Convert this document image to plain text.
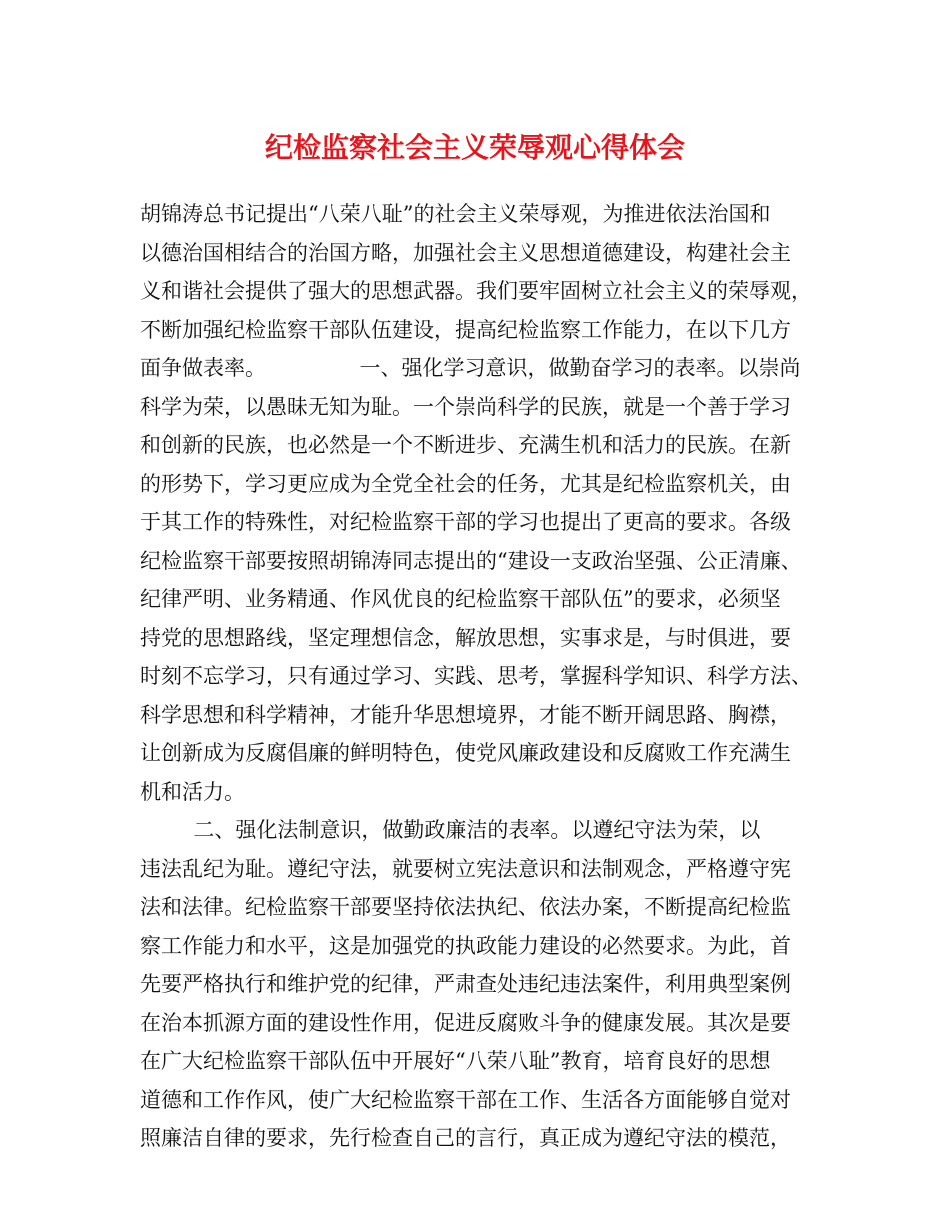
纪检监察社会主义荣辱观心得体会

胡锦涛总书记提出“八荣八耻”的社会主义荣辱观，为推进依法治国和

以德治国相结合的治国方略，加强社会主义思想道德建设，构建社会主

义和谐社会提供了强大的思想武器。我们要牢固树立社会主义的荣辱观，

不断加强纪检监察干部队伍建设，提高纪检监察工作能力，在以下几方

面争做表率。              一、强化学习意识，做勤奋学习的表率。以崇尚

科学为荣，以愚昧无知为耻。一个崇尚科学的民族，就是一个善于学习

和创新的民族，也必然是一个不断进步、充满生机和活力的民族。在新

的形势下，学习更应成为全党全社会的任务，尤其是纪检监察机关，由

于其工作的特殊性，对纪检监察干部的学习也提出了更高的要求。各级

纪检监察干部要按照胡锦涛同志提出的“建设一支政治坚强、公正清廉、

纪律严明、业务精通、作风优良的纪检监察干部队伍”的要求，必须坚

持党的思想路线，坚定理想信念，解放思想，实事求是，与时俱进，要

时刻不忘学习，只有通过学习、实践、思考，掌握科学知识、科学方法、

科学思想和科学精神，才能升华思想境界，才能不断开阔思路、胸襟，

让创新成为反腐倡廉的鲜明特色，使党风廉政建设和反腐败工作充满生

机和活力。

二、强化法制意识，做勤政廉洁的表率。以遵纪守法为荣，以

违法乱纪为耻。遵纪守法，就要树立宪法意识和法制观念，严格遵守宪

法和法律。纪检监察干部要坚持依法执纪、依法办案，不断提高纪检监

察工作能力和水平，这是加强党的执政能力建设的必然要求。为此，首

先要严格执行和维护党的纪律，严肃查处违纪违法案件，利用典型案例

在治本抓源方面的建设性作用，促进反腐败斗争的健康发展。其次是要

在广大纪检监察干部队伍中开展好“八荣八耻”教育，培育良好的思想

道德和工作作风，使广大纪检监察干部在工作、生活各方面能够自觉对

照廉洁自律的要求，先行检查自己的言行，真正成为遵纪守法的模范，
